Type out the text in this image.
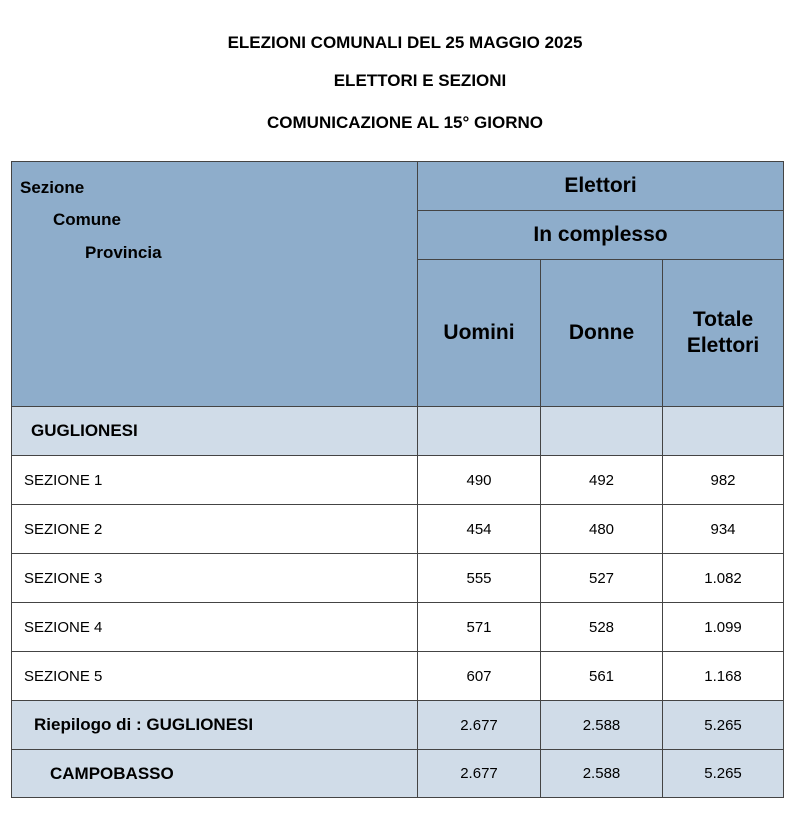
ELEZIONI COMUNALI DEL 25 MAGGIO 2025
ELETTORI E SEZIONI
COMUNICAZIONE AL 15° GIORNO
Sezione
Comune
Provincia	Elettori		
	In complesso		

	Uomini	Donne	Totale
Elettori

GUGLIONESI			
SEZIONE 1	490	492	982
SEZIONE 2	454	480	934
SEZIONE 3	555	527	1.082
SEZIONE 4	571	528	1.099
SEZIONE 5	607	561	1.168
Riepilogo di : GUGLIONESI	2.677	2.588	5.265
CAMPOBASSO	2.677	2.588	5.265
